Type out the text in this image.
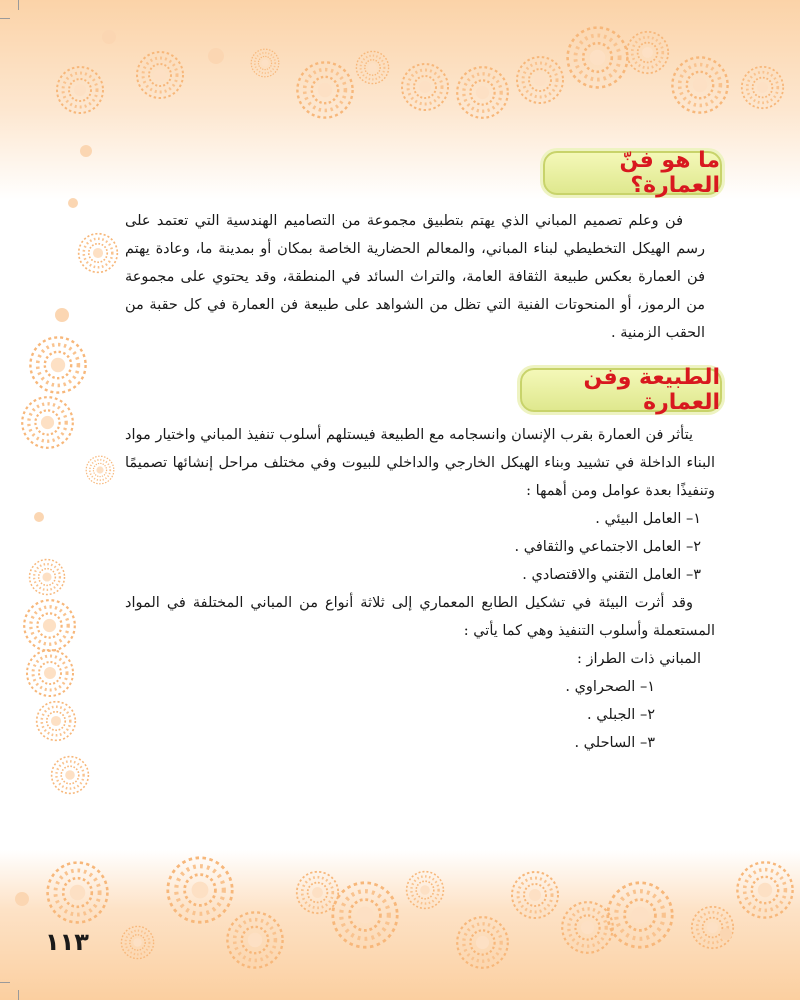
ما هو فنّ العمارة؟

فن وعلم تصميم المباني الذي يهتم بتطبيق مجموعة من التصاميم الهندسية التي تعتمد على رسم الهيكل التخطيطي لبناء المباني، والمعالم الحضارية الخاصة بمكان أو بمدينة ما، وعادة يهتم فن العمارة بعكس طبيعة الثقافة العامة، والتراث السائد في المنطقة، وقد يحتوي على مجموعة من الرموز، أو المنحوتات الفنية التي تظل من الشواهد على طبيعة فن العمارة في كل حقبة من الحقب الزمنية .

الطبيعة وفن العمارة

يتأثر فن العمارة بقرب الإنسان وانسجامه مع الطبيعة فيستلهم أسلوب تنفيذ المباني واختيار مواد البناء الداخلة في تشييد وبناء الهيكل الخارجي والداخلي للبيوت وفي مختلف مراحل إنشائها تصميمًا وتنفيذًا بعدة عوامل ومن أهمها :

١– العامل البيئي .

٢– العامل الاجتماعي والثقافي .

٣– العامل التقني والاقتصادي .

وقد أثرت البيئة في تشكيل الطابع المعماري إلى ثلاثة أنواع من المباني المختلفة في المواد المستعملة وأسلوب التنفيذ وهي كما يأتي :

المباني ذات الطراز :

١– الصحراوي .

٢– الجبلي .

٣– الساحلي .

١١٣
